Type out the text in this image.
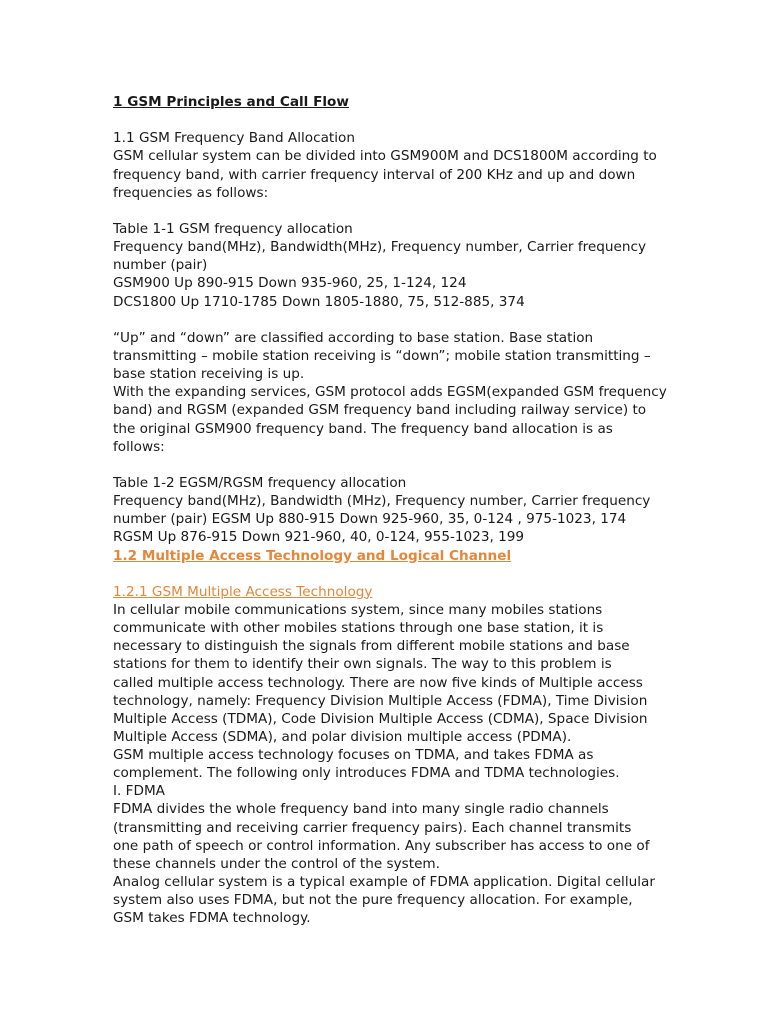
1 GSM Principles and Call Flow
1.1 GSM Frequency Band Allocation
GSM cellular system can be divided into GSM900M and DCS1800M according to
frequency band, with carrier frequency interval of 200 KHz and up and down
frequencies as follows:
Table 1-1 GSM frequency allocation
Frequency band(MHz), Bandwidth(MHz), Frequency number, Carrier frequency
number (pair)
GSM900 Up 890-915 Down 935-960, 25, 1-124, 124
DCS1800 Up 1710-1785 Down 1805-1880, 75, 512-885, 374
“Up” and “down” are classified according to base station. Base station
transmitting – mobile station receiving is “down”; mobile station transmitting –
base station receiving is up.
With the expanding services, GSM protocol adds EGSM(expanded GSM frequency
band) and RGSM (expanded GSM frequency band including railway service) to
the original GSM900 frequency band. The frequency band allocation is as
follows:
Table 1-2 EGSM/RGSM frequency allocation
Frequency band(MHz), Bandwidth (MHz), Frequency number, Carrier frequency
number (pair) EGSM Up 880-915 Down 925-960, 35, 0-124 , 975-1023, 174
RGSM Up 876-915 Down 921-960, 40, 0-124, 955-1023, 199
1.2 Multiple Access Technology and Logical Channel
1.2.1 GSM Multiple Access Technology
In cellular mobile communications system, since many mobiles stations
communicate with other mobiles stations through one base station, it is
necessary to distinguish the signals from different mobile stations and base
stations for them to identify their own signals. The way to this problem is
called multiple access technology. There are now five kinds of Multiple access
technology, namely: Frequency Division Multiple Access (FDMA), Time Division
Multiple Access (TDMA), Code Division Multiple Access (CDMA), Space Division
Multiple Access (SDMA), and polar division multiple access (PDMA).
GSM multiple access technology focuses on TDMA, and takes FDMA as
complement. The following only introduces FDMA and TDMA technologies.
I. FDMA
FDMA divides the whole frequency band into many single radio channels
(transmitting and receiving carrier frequency pairs). Each channel transmits
one path of speech or control information. Any subscriber has access to one of
these channels under the control of the system.
Analog cellular system is a typical example of FDMA application. Digital cellular
system also uses FDMA, but not the pure frequency allocation. For example,
GSM takes FDMA technology.
